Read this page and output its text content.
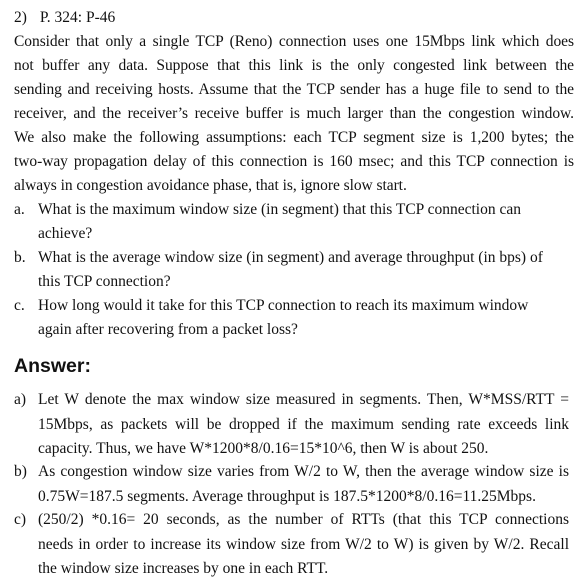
2) P. 324: P-46
Consider that only a single TCP (Reno) connection uses one 15Mbps link which does
not buffer any data. Suppose that this link is the only congested link between the
sending and receiving hosts. Assume that the TCP sender has a huge file to send to the
receiver, and the receiver’s receive buffer is much larger than the congestion window.
We also make the following assumptions: each TCP segment size is 1,200 bytes; the
two-way propagation delay of this connection is 160 msec; and this TCP connection is
always in congestion avoidance phase, that is, ignore slow start.
a. What is the maximum window size (in segment) that this TCP connection can
achieve?
b. What is the average window size (in segment) and average throughput (in bps) of
this TCP connection?
c. How long would it take for this TCP connection to reach its maximum window
again after recovering from a packet loss?
Answer:
a) Let W denote the max window size measured in segments. Then, W*MSS/RTT =
15Mbps, as packets will be dropped if the maximum sending rate exceeds link
capacity. Thus, we have W*1200*8/0.16=15*10^6, then W is about 250.
b) As congestion window size varies from W/2 to W, then the average window size is
0.75W=187.5 segments. Average throughput is 187.5*1200*8/0.16=11.25Mbps.
c) (250/2) *0.16= 20 seconds, as the number of RTTs (that this TCP connections
needs in order to increase its window size from W/2 to W) is given by W/2. Recall
the window size increases by one in each RTT.
